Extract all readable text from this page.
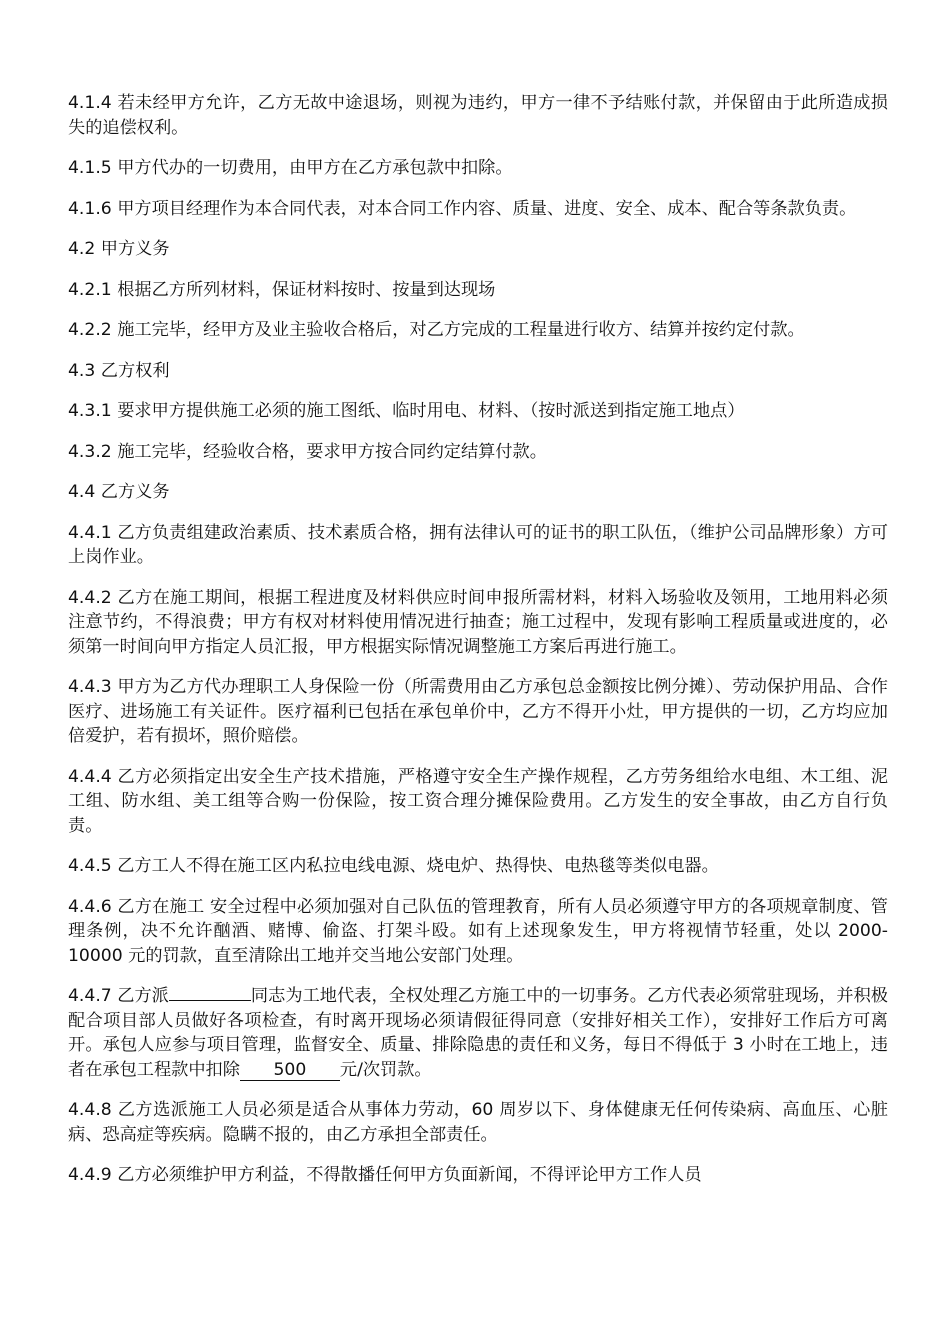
4.1.4 若未经甲方允许，乙方无故中途退场，则视为违约，甲方一律不予结账付款，并保留由于此所造成损失的追偿权利。

4.1.5 甲方代办的一切费用，由甲方在乙方承包款中扣除。

4.1.6 甲方项目经理作为本合同代表，对本合同工作内容、质量、进度、安全、成本、配合等条款负责。

4.2 甲方义务

4.2.1 根据乙方所列材料，保证材料按时、按量到达现场

4.2.2 施工完毕，经甲方及业主验收合格后，对乙方完成的工程量进行收方、结算并按约定付款。

4.3 乙方权利

4.3.1 要求甲方提供施工必须的施工图纸、临时用电、材料、（按时派送到指定施工地点）

4.3.2 施工完毕，经验收合格，要求甲方按合同约定结算付款。

4.4 乙方义务

4.4.1 乙方负责组建政治素质、技术素质合格，拥有法律认可的证书的职工队伍，（维护公司品牌形象）方可上岗作业。

4.4.2 乙方在施工期间，根据工程进度及材料供应时间申报所需材料，材料入场验收及领用，工地用料必须注意节约，不得浪费；甲方有权对材料使用情况进行抽查；施工过程中，发现有影响工程质量或进度的，必须第一时间向甲方指定人员汇报，甲方根据实际情况调整施工方案后再进行施工。

4.4.3 甲方为乙方代办理职工人身保险一份（所需费用由乙方承包总金额按比例分摊）、劳动保护用品、合作医疗、进场施工有关证件。医疗福利已包括在承包单价中，乙方不得开小灶，甲方提供的一切，乙方均应加倍爱护，若有损坏，照价赔偿。

4.4.4 乙方必须指定出安全生产技术措施，严格遵守安全生产操作规程，乙方劳务组给水电组、木工组、泥工组、防水组、美工组等合购一份保险，按工资合理分摊保险费用。乙方发生的安全事故，由乙方自行负责。

4.4.5 乙方工人不得在施工区内私拉电线电源、烧电炉、热得快、电热毯等类似电器。

4.4.6 乙方在施工 安全过程中必须加强对自己队伍的管理教育，所有人员必须遵守甲方的各项规章制度、管理条例，决不允许酗酒、赌博、偷盗、打架斗殴。如有上述现象发生，甲方将视情节轻重，处以 2000-10000 元的罚款，直至清除出工地并交当地公安部门处理。

4.4.7 乙方派	同志为工地代表，全权处理乙方施工中的一切事务。乙方代表必须常驻现场，并积极配合项目部人员做好各项检查，有时离开现场必须请假征得同意（安排好相关工作），安排好工作后方可离开。承包人应参与项目管理，监督安全、质量、排除隐患的责任和义务，每日不得低于 3 小时在工地上，违者在承包工程款中扣除 500 元/次罚款。

4.4.8 乙方选派施工人员必须是适合从事体力劳动，60 周岁以下、身体健康无任何传染病、高血压、心脏病、恐高症等疾病。隐瞒不报的，由乙方承担全部责任。

4.4.9 乙方必须维护甲方利益，不得散播任何甲方负面新闻，不得评论甲方工作人员
